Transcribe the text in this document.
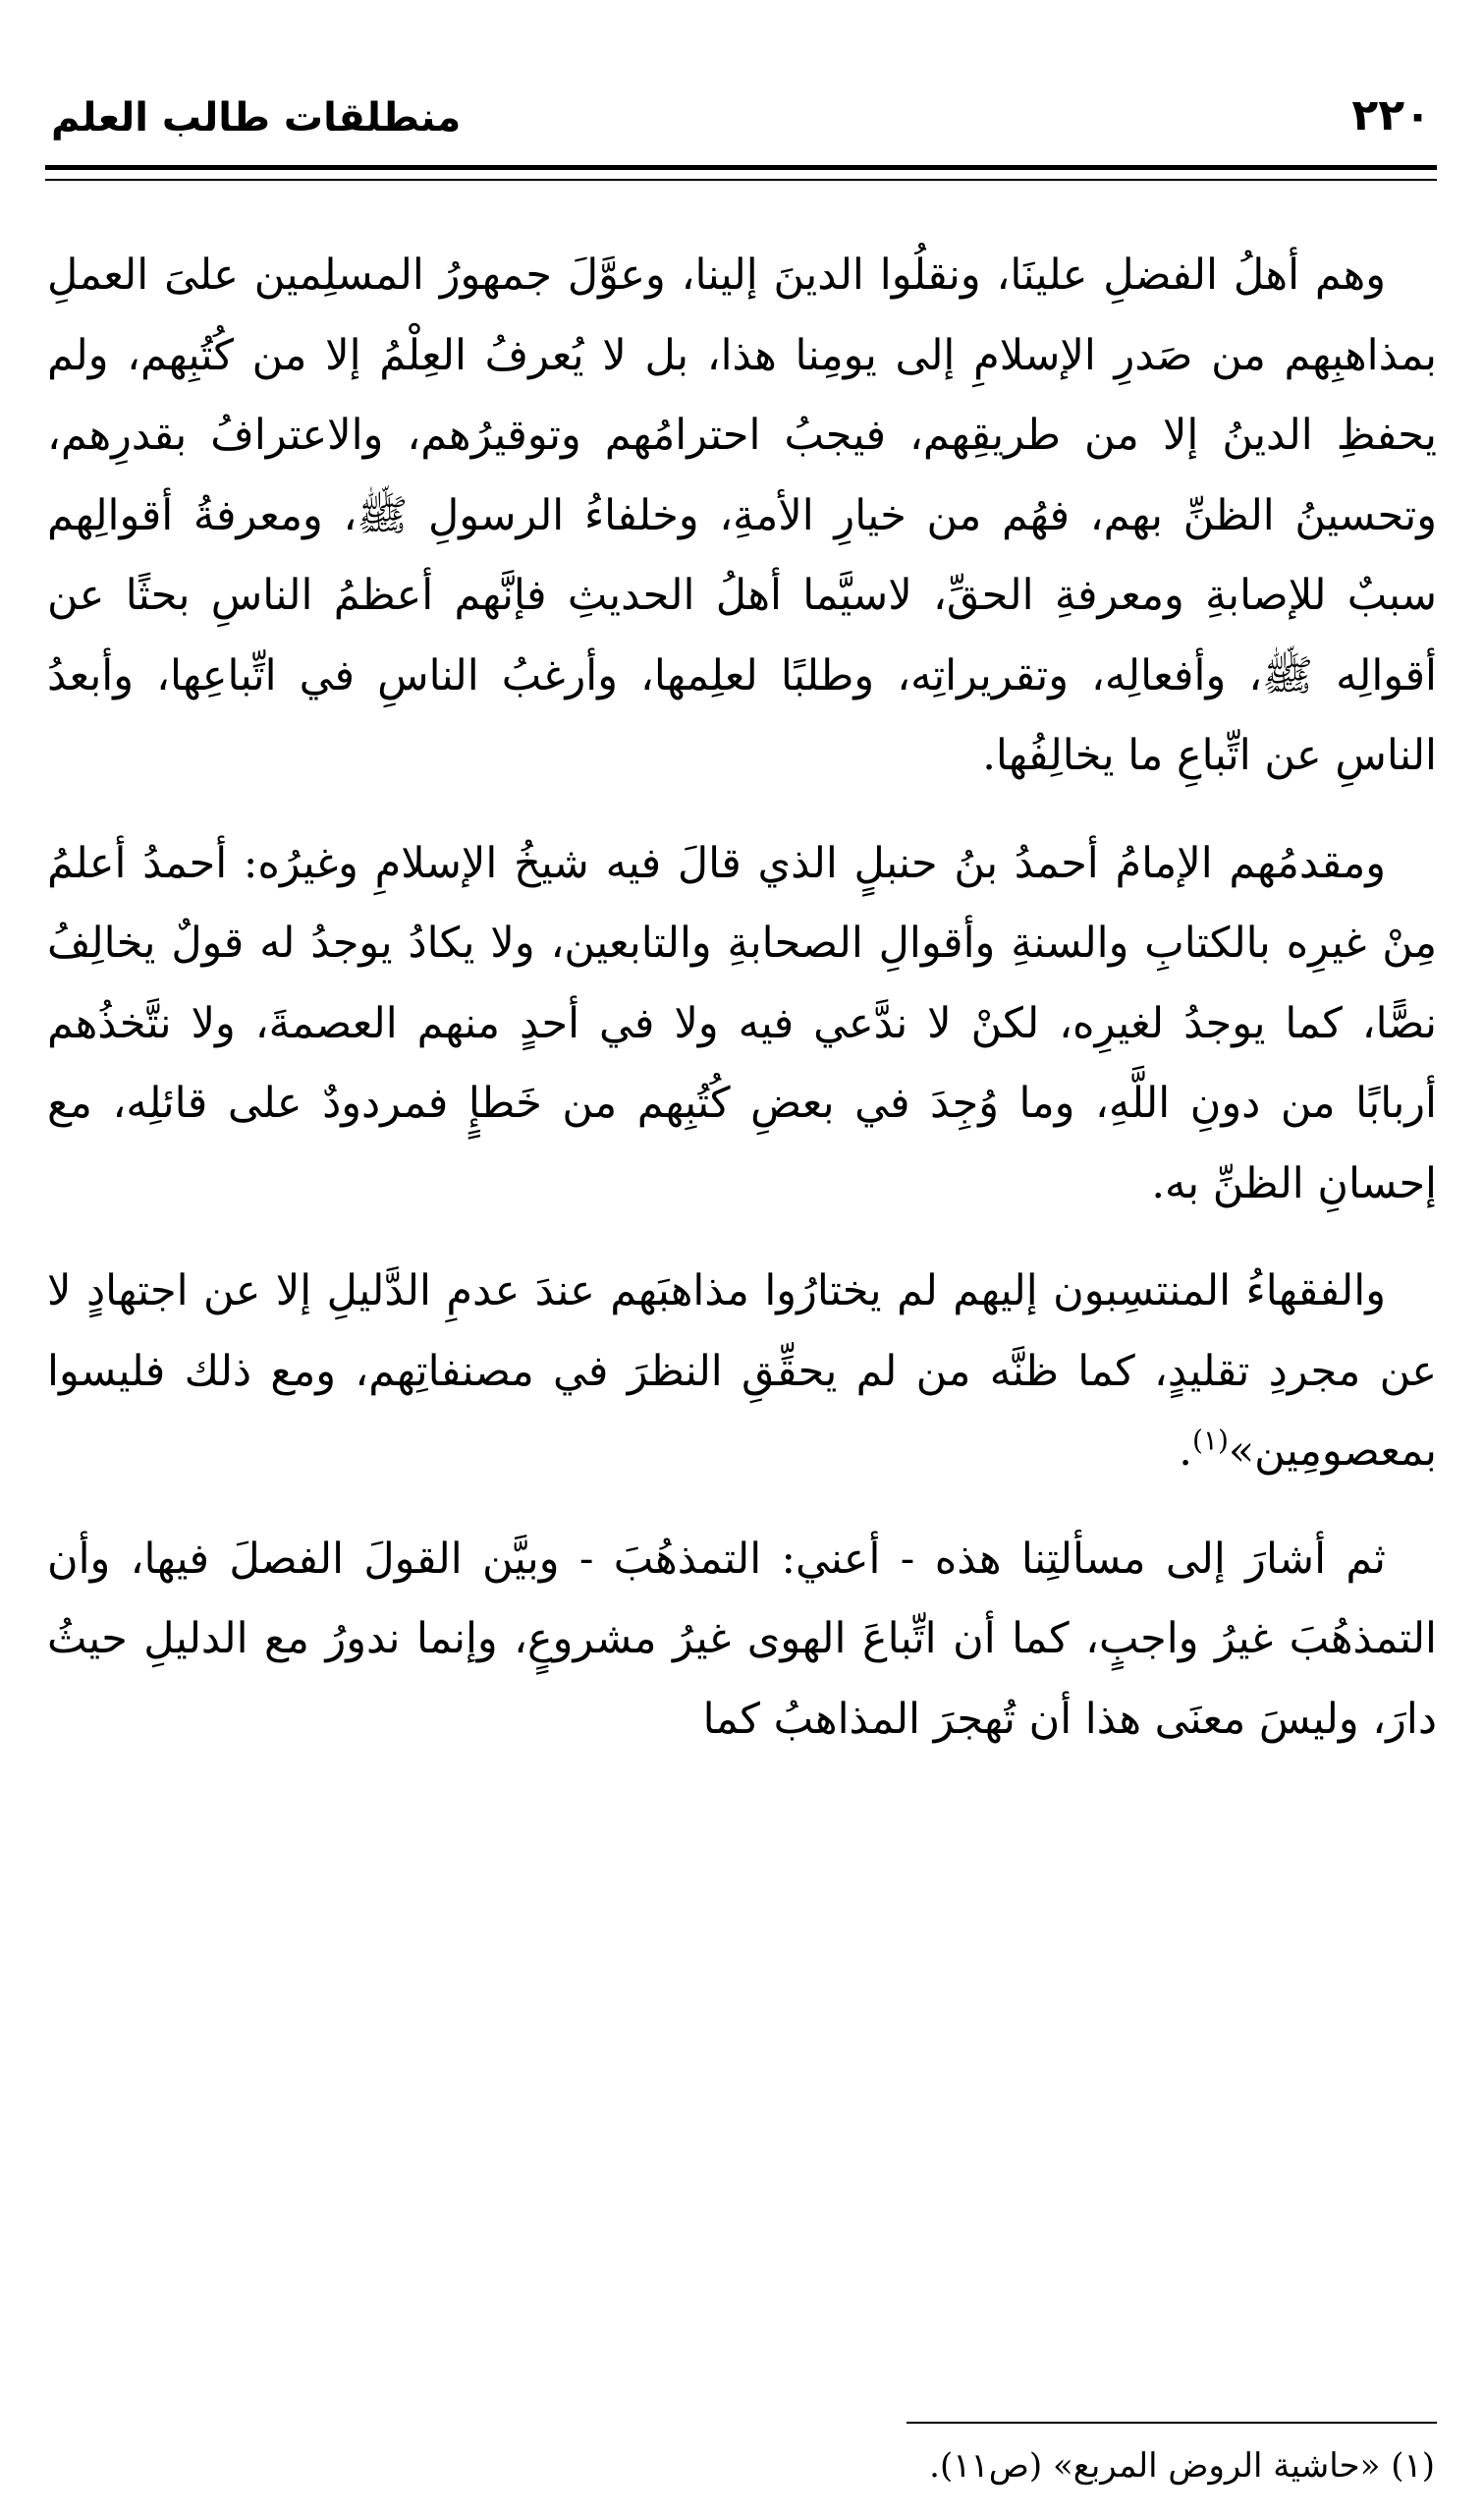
٢٢٠
منطلقات طالب العلم

وهم أهلُ الفضلِ علينَا، ونقلُوا الدينَ إلينا، وعوَّلَ جمهورُ المسلِمين علىَ العملِ بمذاهبِهم من صَدرِ الإسلامِ إلى يومِنا هذا، بل لا يُعرفُ العِلْمُ إلا من كُتُبِهم، ولم يحفظِ الدينُ إلا من طريقِهم، فيجبُ احترامُهم وتوقيرُهم، والاعترافُ بقدرِهم، وتحسينُ الظنِّ بهم، فهُم من خيارِ الأمةِ، وخلفاءُ الرسولِ ﷺ، ومعرفةُ أقوالِهم سببٌ للإصابةِ ومعرفةِ الحقِّ، لاسيَّما أهلُ الحديثِ فإنَّهم أعظمُ الناسِ بحثًا عن أقوالِه ﷺ، وأفعالِه، وتقريراتِه، وطلبًا لعلِمها، وأرغبُ الناسِ في اتِّباعِها، وأبعدُ الناسِ عن اتِّباعِ ما يخالِفُها.

ومقدمُهم الإمامُ أحمدُ بنُ حنبلٍ الذي قالَ فيه شيخُ الإسلامِ وغيرُه: أحمدُ أعلمُ مِنْ غيرِه بالكتابِ والسنةِ وأقوالِ الصحابةِ والتابعين، ولا يكادُ يوجدُ له قولٌ يخالِفُ نصًّا، كما يوجدُ لغيرِه، لكنْ لا ندَّعي فيه ولا في أحدٍ منهم العصمةَ، ولا نتَّخذُهم أربابًا من دونِ اللَّهِ، وما وُجِدَ في بعضِ كُتُبِهم من خَطإٍ فمردودٌ على قائلِه، مع إحسانِ الظنِّ به.

والفقهاءُ المنتسِبون إليهم لم يختارُوا مذاهبَهم عندَ عدمِ الدَّليلِ إلا عن اجتهادٍ لا عن مجردِ تقليدٍ، كما ظنَّه من لم يحقِّقِ النظرَ في مصنفاتِهم، ومع ذلك فليسوا بمعصومِين»$^{(١)}$.

ثم أشارَ إلى مسألتِنا هذه - أعني: التمذهُبَ - وبيَّن القولَ الفصلَ فيها، وأن التمذهُبَ غيرُ واجبٍ، كما أن اتِّباعَ الهوى غيرُ مشروعٍ، وإنما ندورُ مع الدليلِ حيثُ دارَ، وليسَ معنَى هذا أن تُهجرَ المذاهبُ كما

(١) «حاشية الروض المربع» (ص١١).
